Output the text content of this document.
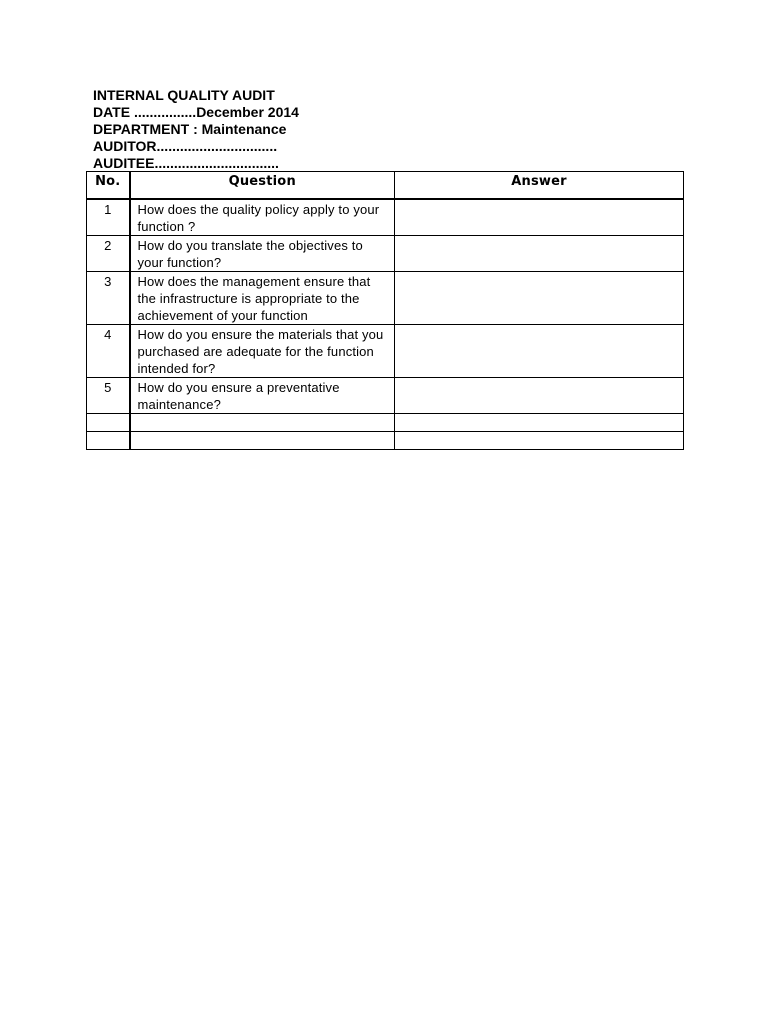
INTERNAL QUALITY AUDIT
DATE ................December 2014
DEPARTMENT : Maintenance
AUDITOR...............................
AUDITEE................................
No.	Question	Answer
1	How does the quality policy apply to your function ?	
2	How do you translate the objectives to your function?	
3	How does the management ensure that the infrastructure is appropriate to the achievement of your function	
4	How do you ensure the materials that you purchased are adequate for the function intended for?	
5	How do you ensure a preventative maintenance?	
